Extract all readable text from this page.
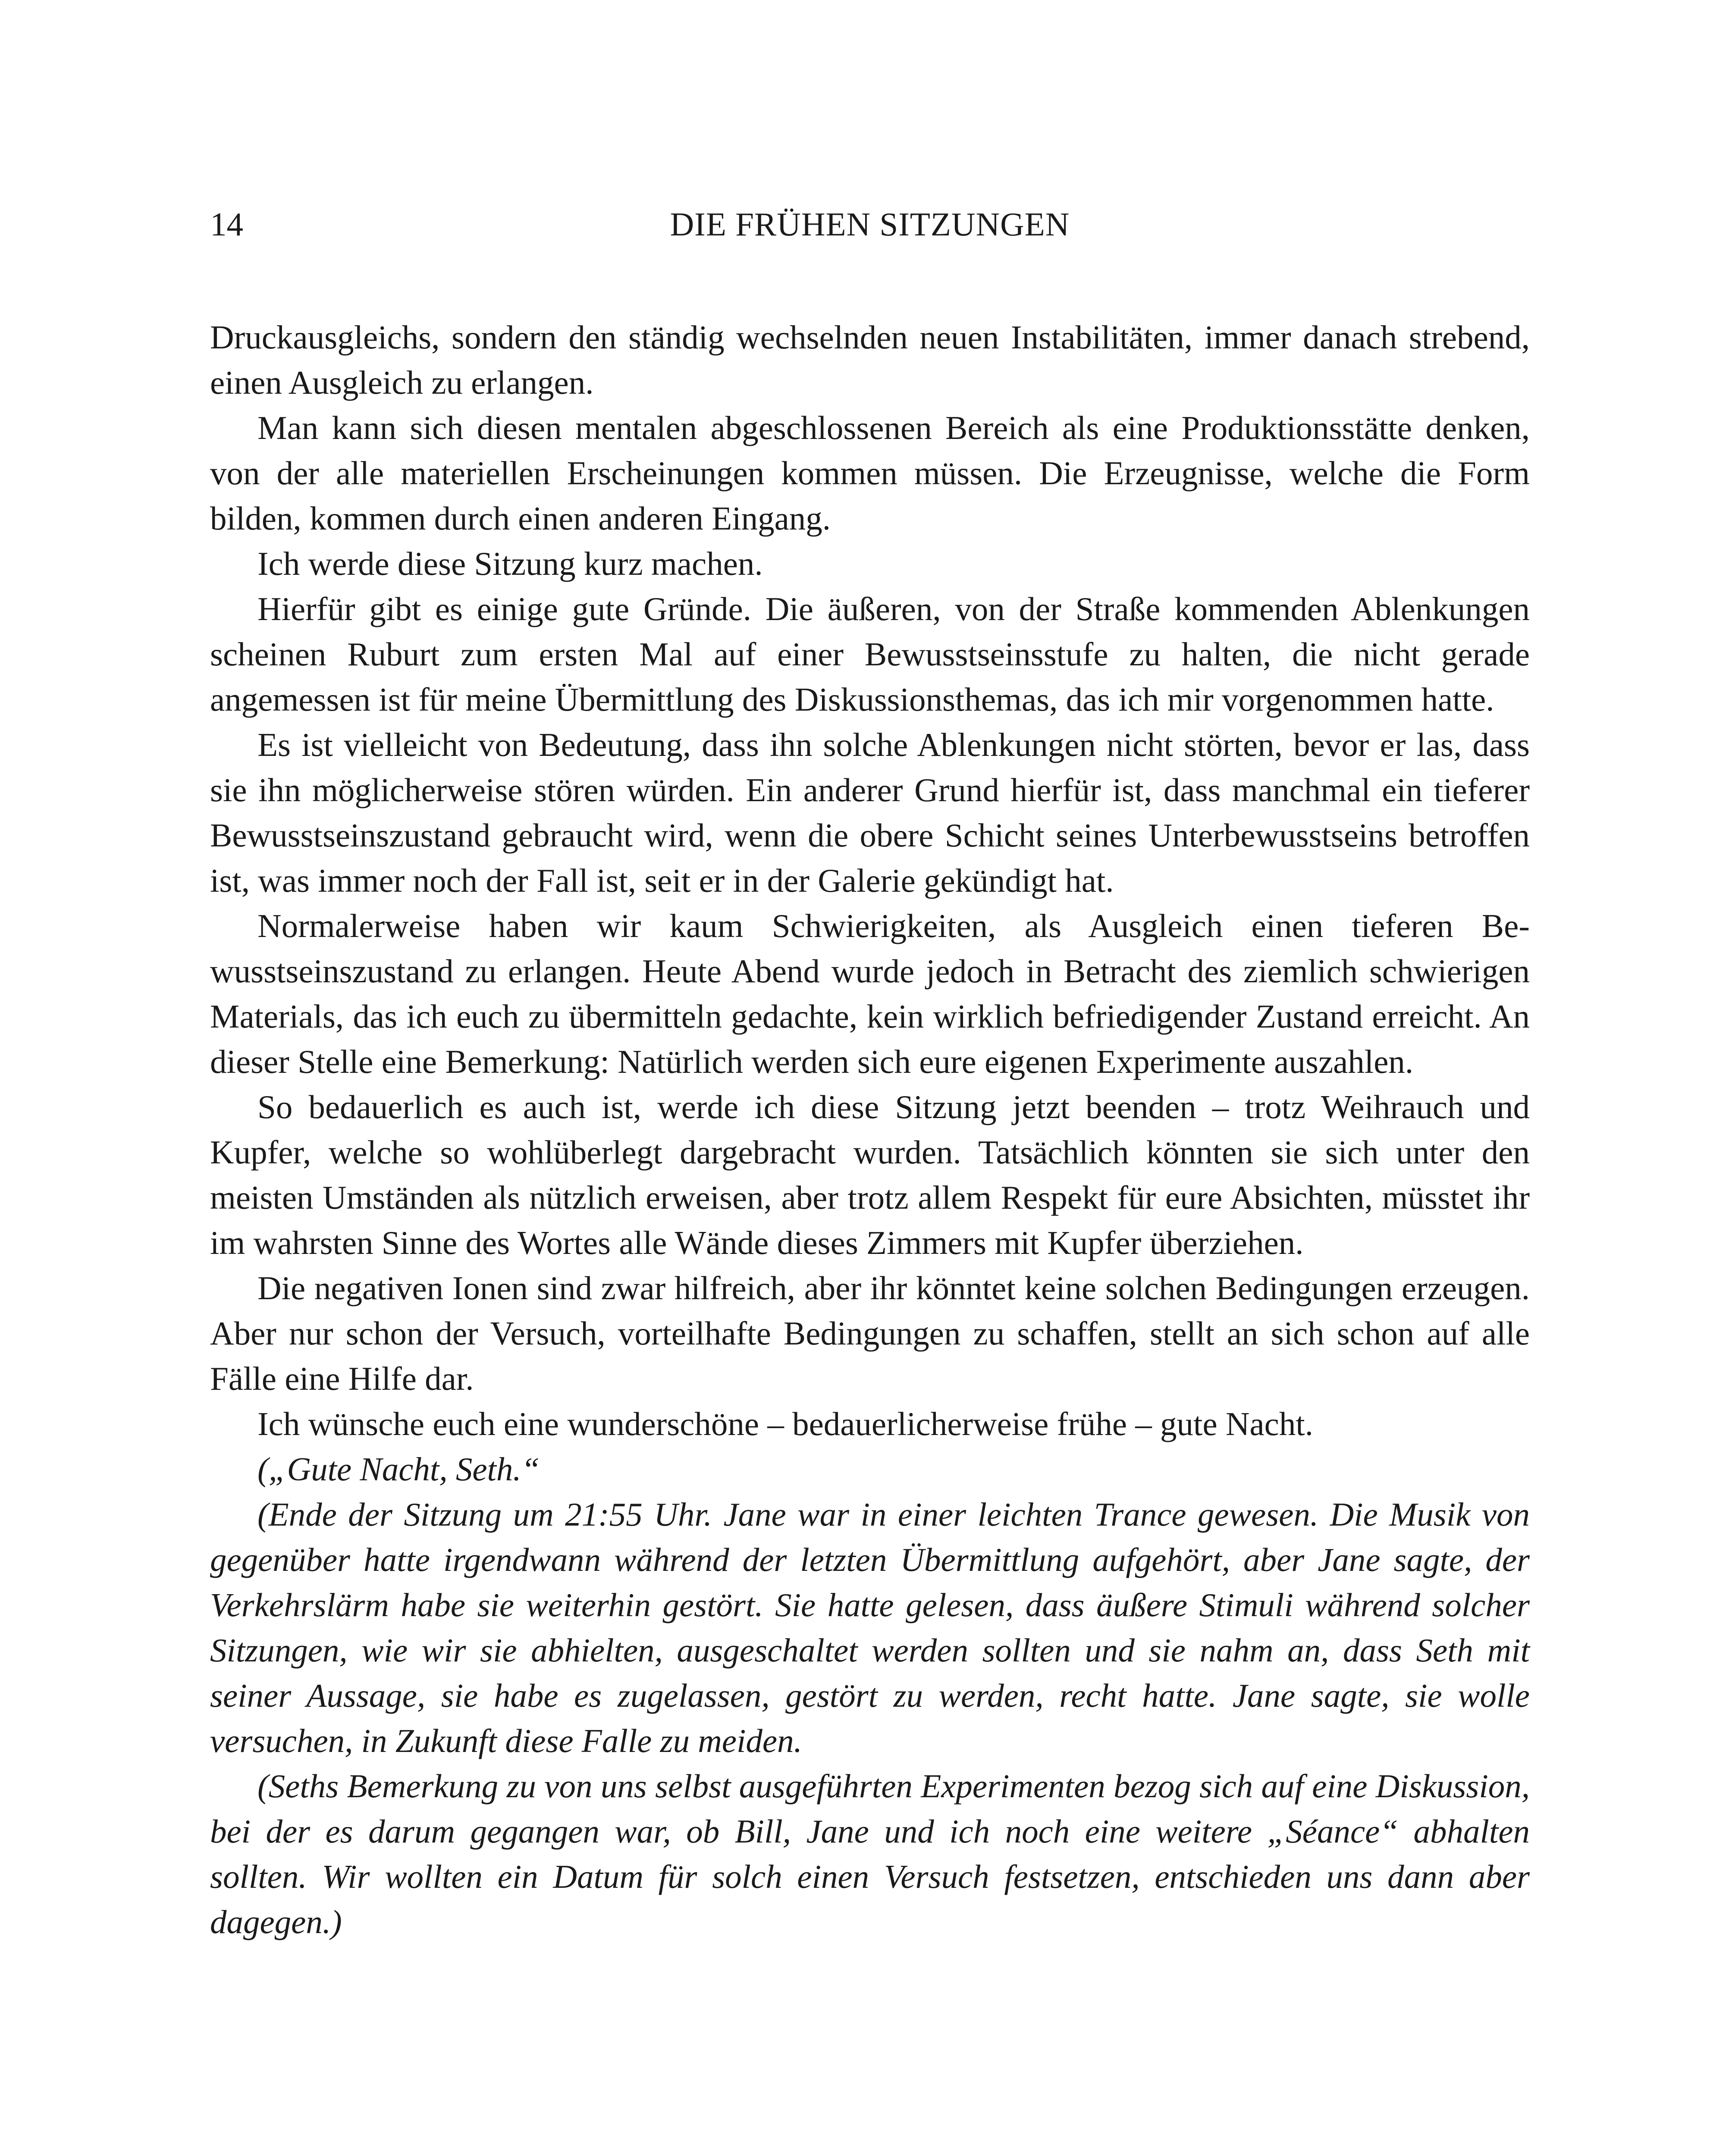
14	DIE FRÜHEN SITZUNGEN

Druckausgleichs, sondern den ständig wechselnden neuen Instabilitäten, immer danach strebend, einen Ausgleich zu erlangen.

Man kann sich diesen mentalen abgeschlossenen Bereich als eine Produktionsstätte denken, von der alle materiellen Erscheinungen kommen müssen. Die Erzeugnisse, welche die Form bilden, kommen durch einen anderen Eingang.

Ich werde diese Sitzung kurz machen.

Hierfür gibt es einige gute Gründe. Die äußeren, von der Straße kommenden Ablenkungen scheinen Ruburt zum ersten Mal auf einer Bewusstseinsstufe zu halten, die nicht gerade angemessen ist für meine Übermittlung des Diskussionsthemas, das ich mir vorgenommen hatte.

Es ist vielleicht von Bedeutung, dass ihn solche Ablenkungen nicht störten, bevor er las, dass sie ihn möglicherweise stören würden. Ein anderer Grund hierfür ist, dass manchmal ein tieferer Bewusstseinszustand gebraucht wird, wenn die obere Schicht seines Unterbewusstseins betroffen ist, was immer noch der Fall ist, seit er in der Galerie gekündigt hat.

Normalerweise haben wir kaum Schwierigkeiten, als Ausgleich einen tieferen Bewusstseinszustand zu erlangen. Heute Abend wurde jedoch in Betracht des ziemlich schwierigen Materials, das ich euch zu übermitteln gedachte, kein wirklich befriedigender Zustand erreicht. An dieser Stelle eine Bemerkung: Natürlich werden sich eure eigenen Experimente auszahlen.

So bedauerlich es auch ist, werde ich diese Sitzung jetzt beenden – trotz Weihrauch und Kupfer, welche so wohlüberlegt dargebracht wurden. Tatsächlich könnten sie sich unter den meisten Umständen als nützlich erweisen, aber trotz allem Respekt für eure Absichten, müsstet ihr im wahrsten Sinne des Wortes alle Wände dieses Zimmers mit Kupfer überziehen.

Die negativen Ionen sind zwar hilfreich, aber ihr könntet keine solchen Bedingungen erzeugen. Aber nur schon der Versuch, vorteilhafte Bedingungen zu schaffen, stellt an sich schon auf alle Fälle eine Hilfe dar.

Ich wünsche euch eine wunderschöne – bedauerlicherweise frühe – gute Nacht.

(„Gute Nacht, Seth.“

(Ende der Sitzung um 21:55 Uhr. Jane war in einer leichten Trance gewesen. Die Musik von gegenüber hatte irgendwann während der letzten Übermittlung aufgehört, aber Jane sagte, der Verkehrslärm habe sie weiterhin gestört. Sie hatte gelesen, dass äußere Stimuli während solcher Sitzungen, wie wir sie abhielten, ausgeschaltet werden sollten und sie nahm an, dass Seth mit seiner Aussage, sie habe es zugelassen, gestört zu werden, recht hatte. Jane sagte, sie wolle versuchen, in Zukunft diese Falle zu meiden.

(Seths Bemerkung zu von uns selbst ausgeführten Experimenten bezog sich auf eine Diskussion, bei der es darum gegangen war, ob Bill, Jane und ich noch eine weitere „Séance“ abhalten sollten. Wir wollten ein Datum für solch einen Versuch festsetzen, entschieden uns dann aber dagegen.)
